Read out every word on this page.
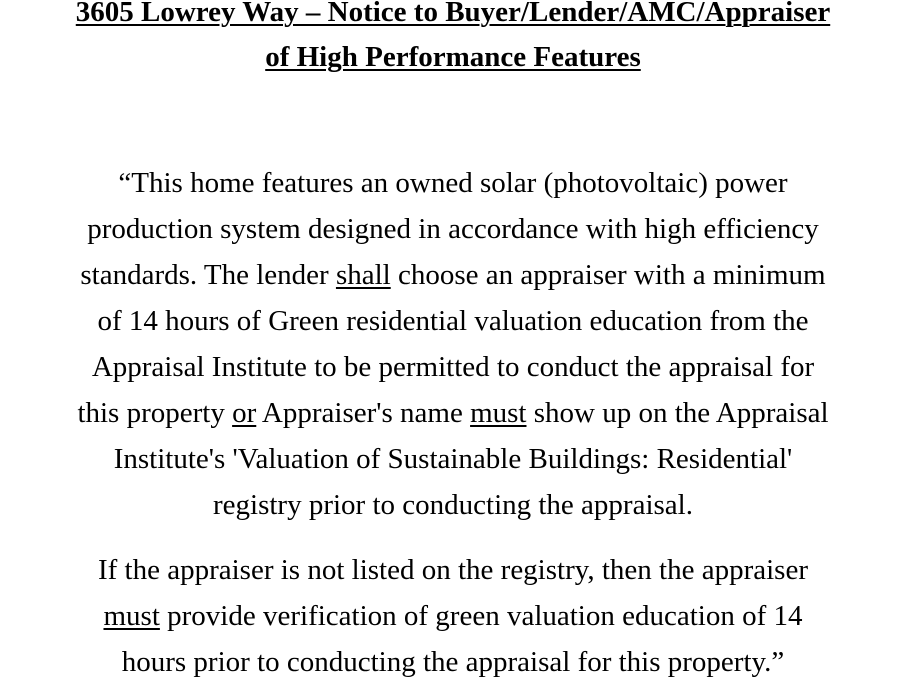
3605 Lowrey Way – Notice to Buyer/Lender/AMC/Appraiser
of High Performance Features

“This home features an owned solar (photovoltaic) power
production system designed in accordance with high efficiency
standards. The lender shall choose an appraiser with a minimum
of 14 hours of Green residential valuation education from the
Appraisal Institute to be permitted to conduct the appraisal for
this property or Appraiser's name must show up on the Appraisal
Institute's 'Valuation of Sustainable Buildings: Residential'
registry prior to conducting the appraisal.

If the appraiser is not listed on the registry, then the appraiser
must provide verification of green valuation education of 14
hours prior to conducting the appraisal for this property.”
